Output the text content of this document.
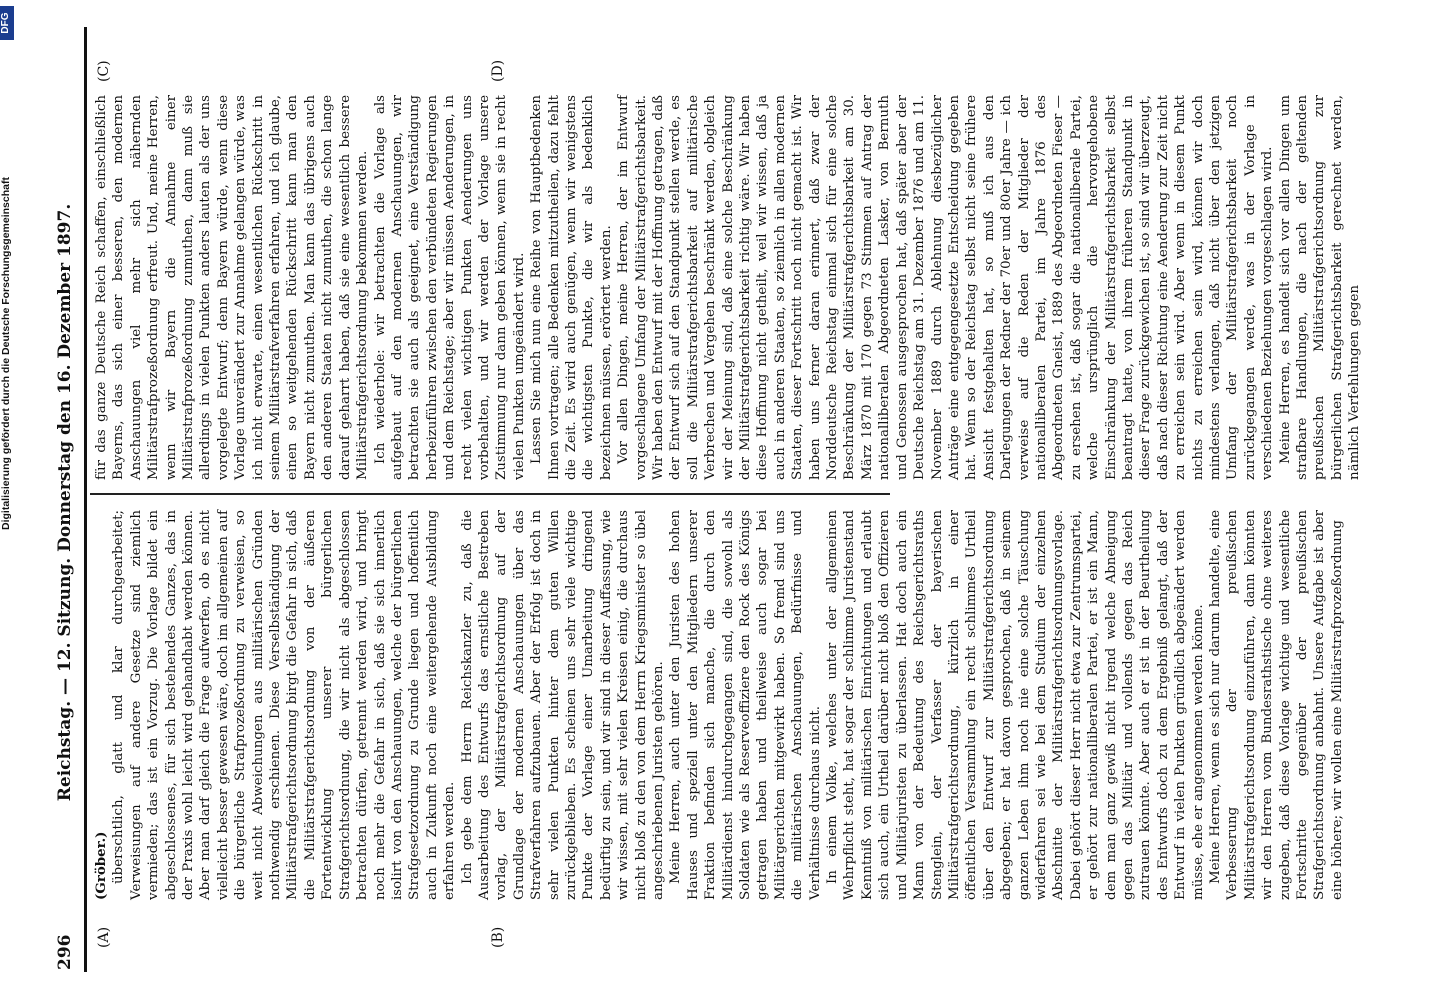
296
Reichstag. — 12. Sitzung. Donnerstag den 16. Dezember 1897.
(A)	(B)
(C)	(D)

(Gröber.) überschtlich, glatt und klar durchgearbeitet; Verweisungen auf andere Gesetze sind ziemlich vermieden; das ist ein Vorzug. Die Vorlage bildet ein abgeschlossenes, für sich bestehendes Ganzes, das in der Praxis wohl leicht wird gehandhabt werden können. Aber man darf gleich die Frage aufwerfen, ob es nicht vielleicht besser gewesen wäre, doch im allgemeinen auf die bürgerliche Strafprozeßordnung zu verweisen, so weit nicht Abweichungen aus militärischen Gründen nothwendig erschienen. Diese Verselbständigung der Militärstrafgerichtsordnung birgt die Gefahr in sich, daß die Militärstrafgerichtsordnung von der äußeren Fortentwicklung unserer bürgerlichen Strafgerichtsordnung, die wir nicht als abgeschlossen betrachten dürfen, getrennt werden wird, und bringt noch mehr die Gefahr in sich, daß sie sich innerlich isolirt von den Anschauungen, welche der bürgerlichen Strafgesetzordnung zu Grunde liegen und hoffentlich auch in Zukunft noch eine weitergehende Ausbildung erfahren werden. Ich gebe dem Herrn Reichskanzler zu, daß die Ausarbeitung des Entwurfs das ernstliche Bestreben vorlag, der Militärstrafgerichtsordnung auf der Grundlage der modernen Anschauungen über das Strafverfahren aufzubauen. Aber der Erfolg ist doch in sehr vielen Punkten hinter dem guten Willen zurückgeblieben. Es scheinen uns sehr viele wichtige Punkte der Vorlage einer Umarbeitung dringend bedürftig zu sein, und wir sind in dieser Auffassung, wie wir wissen, mit sehr vielen Kreisen einig, die durchaus nicht bloß zu den von dem Herrn Kriegsminister so übel angeschriebenen Juristen gehören. Meine Herren, auch unter den Juristen des hohen Hauses und speziell unter den Mitgliedern unserer Fraktion befinden sich manche, die durch den Militärdienst hindurchgegangen sind, die sowohl als Soldaten wie als Reserveoffiziere den Rock des Königs getragen haben und theilweise auch sogar bei Militärgerichten mitgewirkt haben. So fremd sind uns die militärischen Anschauungen, Bedürfnisse und Verhältnisse durchaus nicht. In einem Volke, welches unter der allgemeinen Wehrpflicht steht, hat sogar der schlimme Juristenstand Kenntniß von militärischen Einrichtungen und erlaubt sich auch, ein Urtheil darüber nicht bloß den Offizieren und Militärjuristen zu überlassen. Hat doch auch ein Mann von der Bedeutung des Reichsgerichtsraths Stenglein, der Verfasser der bayerischen Militärstrafgerichtsordnung, kürzlich in einer öffentlichen Versammlung ein recht schlimmes Urtheil über den Entwurf zur Militärstrafgerichtsordnung abgegeben; er hat davon gesprochen, daß in seinem ganzen Leben ihm noch nie eine solche Täuschung widerfahren sei wie bei dem Studium der einzelnen Abschnitte der Militärstrafgerichtsordnungsvorlage. Dabei gehört dieser Herr nicht etwa zur Zentrumspartei, er gehört zur nationalliberalen Partei, er ist ein Mann, dem man ganz gewiß nicht irgend welche Abneigung gegen das Militär und vollends gegen das Reich zutrauen könnte. Aber auch er ist in der Beurtheilung des Entwurfs doch zu dem Ergebniß gelangt, daß der Entwurf in vielen Punkten gründlich abgeändert werden müsse, ehe er angenommen werden könne. Meine Herren, wenn es sich nur darum handelte, eine Verbesserung der preußischen Militärstrafgerichtsordnung einzuführen, dann könnten wir den Herren vom Bundesrathstische ohne weiteres zugeben, daß diese Vorlage wichtige und wesentliche Fortschritte gegenüber der preußischen Strafgerichtsordnung anbahnt. Unsere Aufgabe ist aber eine höhere; wir wollen eine Militärstrafprozeßordnung

für das ganze Deutsche Reich schaffen, einschließlich Bayerns, das sich einer besseren, den modernen Anschauungen viel mehr sich nähernden Militärstrafprozeßordnung erfreut. Und, meine Herren, wenn wir Bayern die Annahme einer Militärstrafprozeßordnung zumuthen, dann muß sie allerdings in vielen Punkten anders lauten als der uns vorgelegte Entwurf; denn Bayern würde, wenn diese Vorlage unverändert zur Annahme gelangen würde, was ich nicht erwarte, einen wesentlichen Rückschritt in seinem Militärstrafverfahren erfahren, und ich glaube, einen so weitgehenden Rückschritt kann man den Bayern nicht zumuthen. Man kann das übrigens auch den anderen Staaten nicht zumuthen, die schon lange darauf geharrt haben, daß sie eine wesentlich bessere Militärstrafgerichtsordnung bekommen werden. Ich wiederhole: wir betrachten die Vorlage als aufgebaut auf den modernen Anschauungen, wir betrachten sie auch als geeignet, eine Verständigung herbeizuführen zwischen den verbündeten Regierungen und dem Reichstage; aber wir müssen Aenderungen, in recht vielen wichtigen Punkten Aenderungen uns vorbehalten, und wir werden der Vorlage unsere Zustimmung nur dann geben können, wenn sie in recht vielen Punkten umgeändert wird. Lassen Sie mich nun eine Reihe von Hauptbedenken Ihnen vortragen; alle Bedenken mitzutheilen, dazu fehlt die Zeit. Es wird auch genügen, wenn wir wenigstens die wichtigsten Punkte, die wir als bedenklich bezeichnen müssen, erörtert werden. Vor allen Dingen, meine Herren, der im Entwurf vorgeschlagene Umfang der Militärstrafgerichtsbarkeit. Wir haben den Entwurf mit der Hoffnung getragen, daß der Entwurf sich auf den Standpunkt stellen werde, es soll die Militärstrafgerichtsbarkeit auf militärische Verbrechen und Vergehen beschränkt werden, obgleich wir der Meinung sind, daß eine solche Beschränkung der Militärstrafgerichtsbarkeit richtig wäre. Wir haben diese Hoffnung nicht getheilt, weil wir wissen, daß ja auch in anderen Staaten, so ziemlich in allen modernen Staaten, dieser Fortschritt noch nicht gemacht ist. Wir haben uns ferner daran erinnert, daß zwar der Norddeutsche Reichstag einmal sich für eine solche Beschränkung der Militärstrafgerichtsbarkeit am 30. März 1870 mit 170 gegen 73 Stimmen auf Antrag der nationalliberalen Abgeordneten Lasker, von Bernuth und Genossen ausgesprochen hat, daß später aber der Deutsche Reichstag am 31. Dezember 1876 und am 11. November 1889 durch Ablehnung diesbezüglicher Anträge eine entgegengesetzte Entscheidung gegeben hat. Wenn so der Reichstag selbst nicht seine frühere Ansicht festgehalten hat, so muß ich aus den Darlegungen der Redner der 70er und 80er Jahre — ich verweise auf die Reden der Mitglieder der nationalliberalen Partei, im Jahre 1876 des Abgeordneten Gneist, 1889 des Abgeordneten Fieser — zu ersehen ist, daß sogar die nationalliberale Partei, welche ursprünglich die hervorgehobene Einschränkung der Militärstrafgerichtsbarkeit selbst beantragt hatte, von ihrem früheren Standpunkt in dieser Frage zurückgewichen ist, so sind wir überzeugt, daß nach dieser Richtung eine Aenderung zur Zeit nicht zu erreichen sein wird. Aber wenn in diesem Punkt nichts zu erreichen sein wird, können wir doch mindestens verlangen, daß nicht über den jetzigen Umfang der Militärstrafgerichtsbarkeit noch zurückgegangen werde, was in der Vorlage in verschiedenen Beziehungen vorgeschlagen wird. Meine Herren, es handelt sich vor allen Dingen um strafbare Handlungen, die nach der geltenden preußischen Militärstrafgerichtsordnung zur bürgerlichen Strafgerichtsbarkeit gerechnet werden, nämlich Verfehlungen gegen

Digitalisierung gefördert durch die Deutsche Forschungsgemeinschaft
DFG
